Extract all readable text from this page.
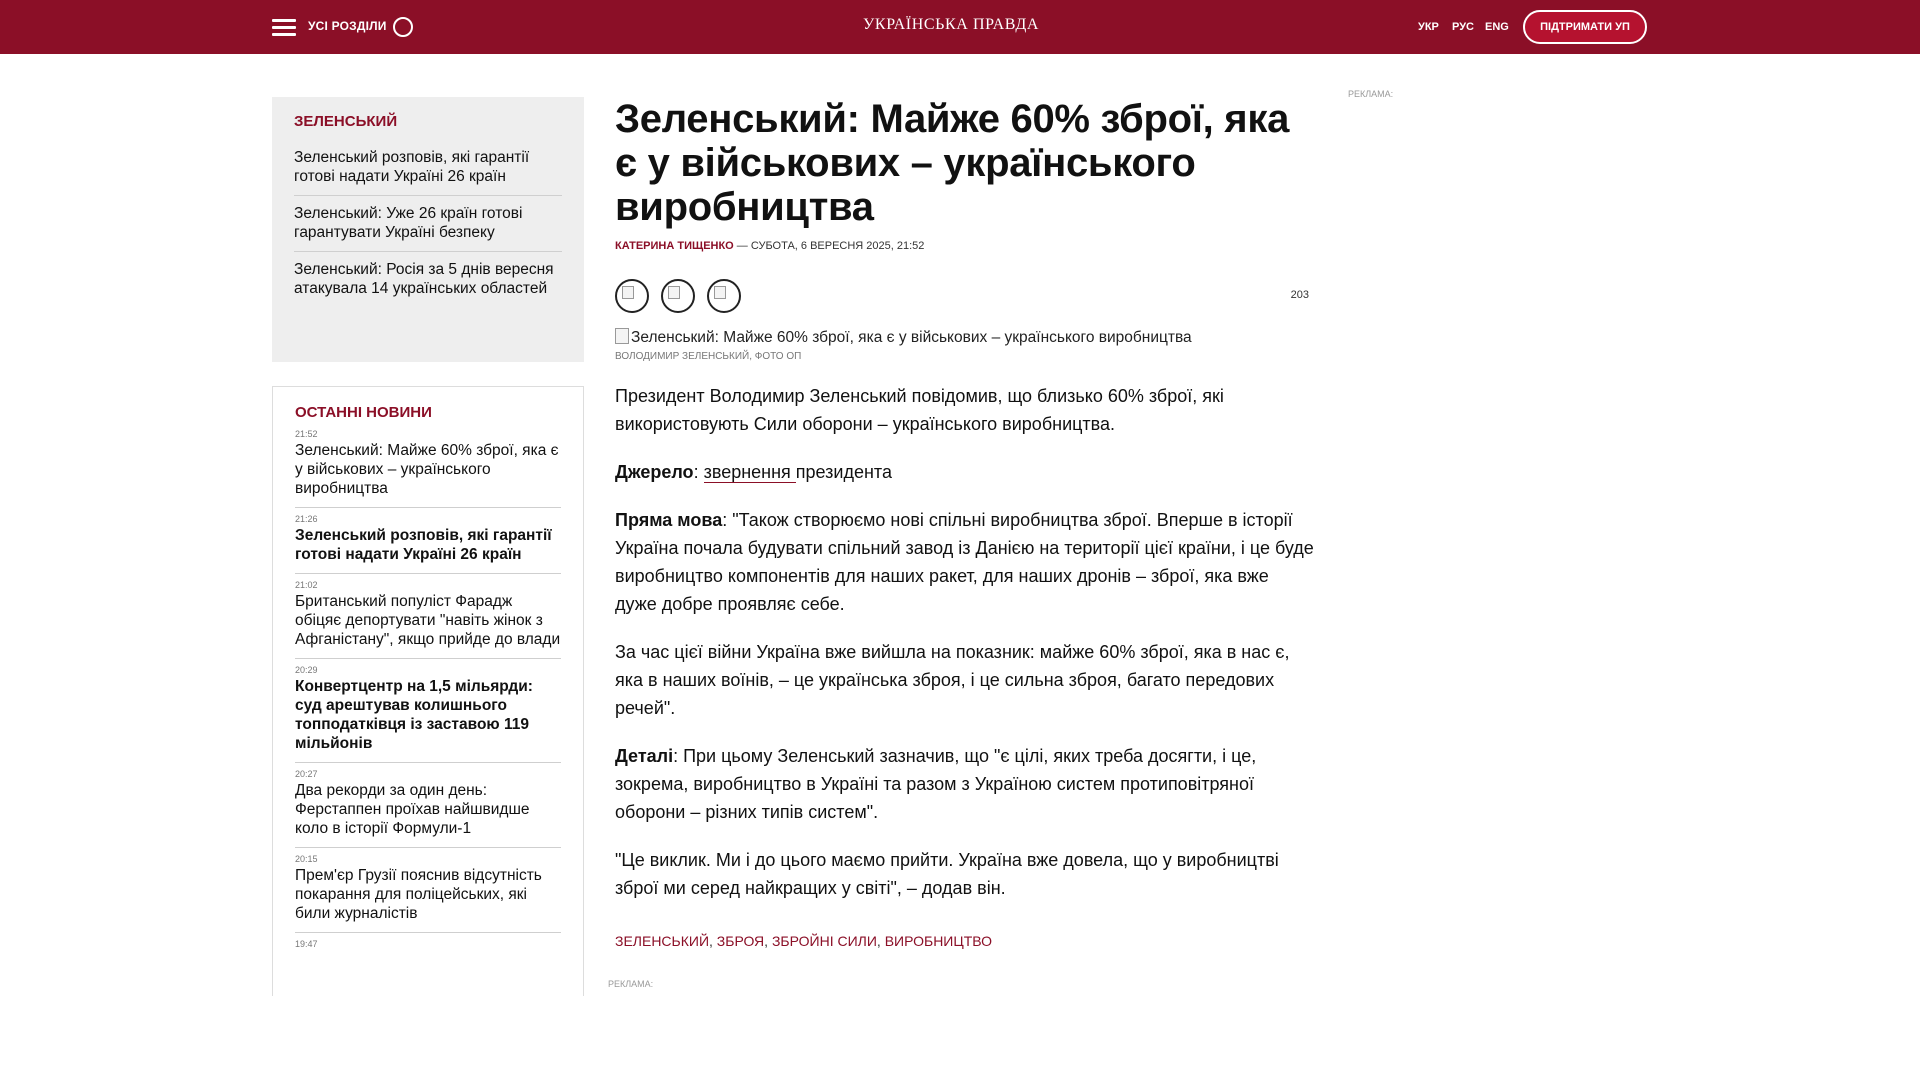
УСІ РОЗДІЛИ	УКРАЇНСЬКА ПРАВДА	УКР РУС ENG	ПІДТРИМАТИ УП
ЗЕЛЕНСЬКИЙ
Зеленський розповів, які гарантії готові надати Україні 26 країн
Зеленський: Уже 26 країн готові гарантувати Україні безпеку
Зеленський: Росія за 5 днів вересня атакувала 14 українських областей
ОСТАННІ НОВИНИ
21:52
Зеленський: Майже 60% зброї, яка є у військових – українського виробництва
21:26
Зеленський розповів, які гарантії готові надати Україні 26 країн
21:02
Британський популіст Фарадж обіцяє депортувати "навіть жінок з Афганістану", якщо прийде до влади
20:29
Конвертцентр на 1,5 мільярди: суд арештував колишнього топподатківця із заставою 119 мільйонів
20:27
Два рекорди за один день: Ферстаппен проїхав найшвидше коло в історії Формули-1
20:15
Прем'єр Грузії пояснив відсутність покарання для поліцейських, які били журналістів
19:47
Зеленський: Майже 60% зброї, яка є у військових – українського виробництва
КАТЕРИНА ТИЩЕНКО — СУБОТА, 6 ВЕРЕСНЯ 2025, 21:52
203
Зеленський: Майже 60% зброї, яка є у військових – українського виробництва
ВОЛОДИМИР ЗЕЛЕНСЬКИЙ, ФОТО ОП

Президент Володимир Зеленський повідомив, що близько 60% зброї, які використовують Сили оборони – українського виробництва.

Джерело: звернення президента

Пряма мова: "Також створюємо нові спільні виробництва зброї. Вперше в історії Україна почала будувати спільний завод із Данією на території цієї країни, і це буде виробництво компонентів для наших ракет, для наших дронів – зброї, яка вже дуже добре проявляє себе.

За час цієї війни Україна вже вийшла на показник: майже 60% зброї, яка в нас є, яка в наших воїнів, – це українська зброя, і це сильна зброя, багато передових речей".

Деталі: При цьому Зеленський зазначив, що "є цілі, яких треба досягти, і це, зокрема, виробництво в Україні та разом з Україною систем протиповітряної оборони – різних типів систем".

"Це виклик. Ми і до цього маємо прийти. Україна вже довела, що у виробництві зброї ми серед найкращих у світі", – додав він.

ЗЕЛЕНСЬКИЙ, ЗБРОЯ, ЗБРОЙНІ СИЛИ, ВИРОБНИЦТВО
РЕКЛАМА:
РЕКЛАМА:
